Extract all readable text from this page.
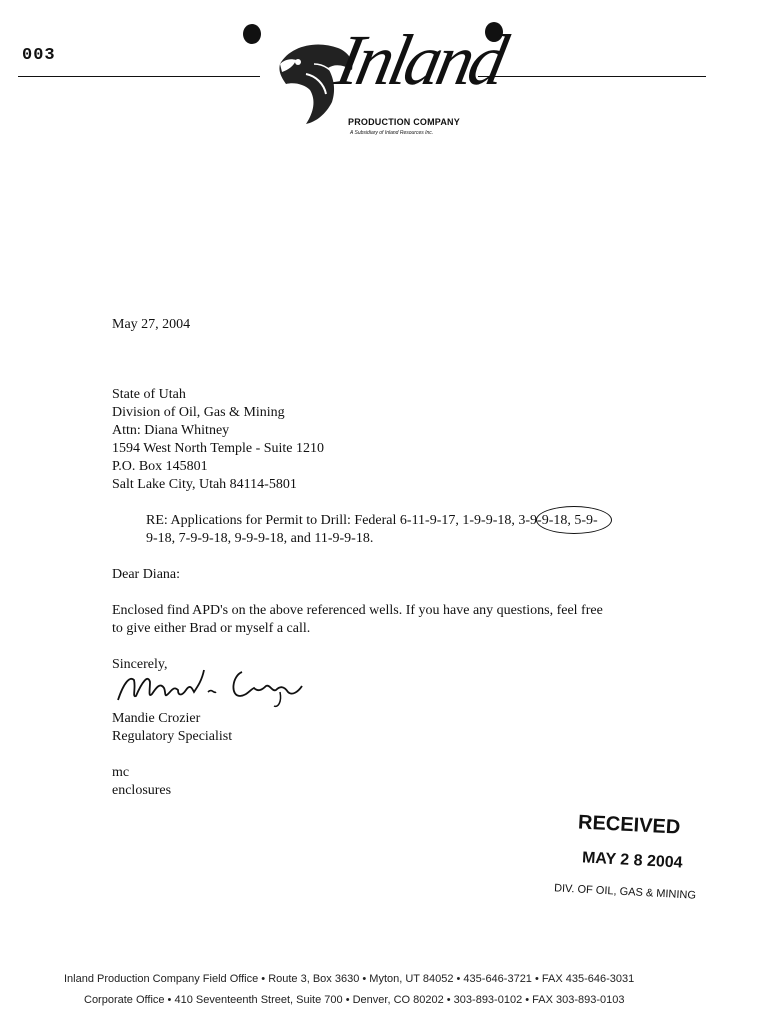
003	Inland
PRODUCTION COMPANY
A Subsidiary of Inland Resources Inc.
May 27, 2004
State of Utah
Division of Oil, Gas & Mining
Attn: Diana Whitney
1594 West North Temple - Suite 1210
P.O. Box 145801
Salt Lake City, Utah 84114-5801
RE: Applications for Permit to Drill: Federal 6-11-9-17, 1-9-9-18, 3-9-9-18, 5-9-
9-18, 7-9-9-18, 9-9-9-18, and 11-9-9-18.
Dear Diana:
Enclosed find APD's on the above referenced wells. If you have any questions, feel free
to give either Brad or myself a call.
Sincerely,
Mandie Crozier
Regulatory Specialist
mc
enclosures
RECEIVED
MAY 2 8 2004
DIV. OF OIL, GAS & MINING
Inland Production Company Field Office • Route 3, Box 3630 • Myton, UT 84052 • 435-646-3721 • FAX 435-646-3031
Corporate Office • 410 Seventeenth Street, Suite 700 • Denver, CO 80202 • 303-893-0102 • FAX 303-893-0103
